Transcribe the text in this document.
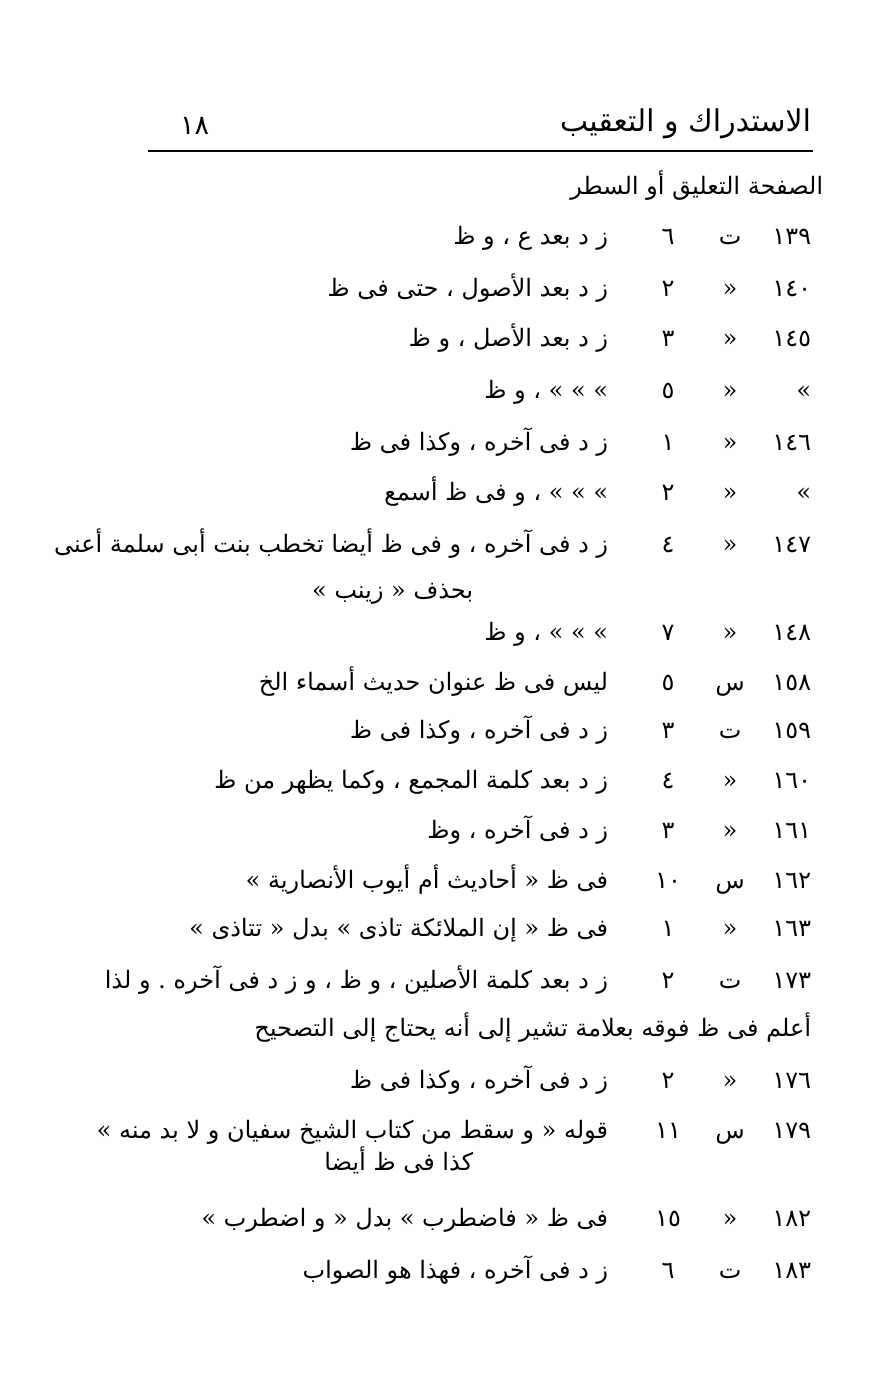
الاستدراك و التعقيب
١٨
الصفحة التعليق أو السطر
١٣٩
ت
٦
ز د بعد ع ، و ظ
١٤٠
»
٢
ز د بعد الأصول ، حتى فى ظ
١٤٥
»
٣
ز د بعد الأصل ، و ظ
»
»
٥
» » » ، و ظ
١٤٦
»
١
ز د فى آخره ، وكذا فى ظ
»
»
٢
» » » ، و فى ظ أسمع
١٤٧
»
٤
ز د فى آخره ، و فى ظ أيضا تخطب بنت أبى سلمة أعنى
بحذف « زينب »
١٤٨
»
٧
» » » ، و ظ
١٥٨
س
٥
ليس فى ظ عنوان حديث أسماء الخ
١٥٩
ت
٣
ز د فى آخره ، وكذا فى ظ
١٦٠
»
٤
ز د بعد كلمة المجمع ، وكما يظهر من ظ
١٦١
»
٣
ز د فى آخره ، وظ
١٦٢
س
١٠
فى ظ « أحاديث أم أيوب الأنصارية »
١٦٣
»
١
فى ظ « إن الملائكة تاذى » بدل « تتاذى »
١٧٣
ت
٢
ز د بعد كلمة الأصلين ، و ظ ، و ز د فى آخره . و لذا
أعلم فى ظ فوقه بعلامة تشير إلى أنه يحتاج إلى التصحيح
١٧٦
»
٢
ز د فى آخره ، وكذا فى ظ
١٧٩
س
١١
قوله « و سقط من كتاب الشيخ سفيان و لا بد منه »
كذا فى ظ أيضا
١٨٢
»
١٥
فى ظ « فاضطرب » بدل « و اضطرب »
١٨٣
ت
٦
ز د فى آخره ، فهذا هو الصواب
